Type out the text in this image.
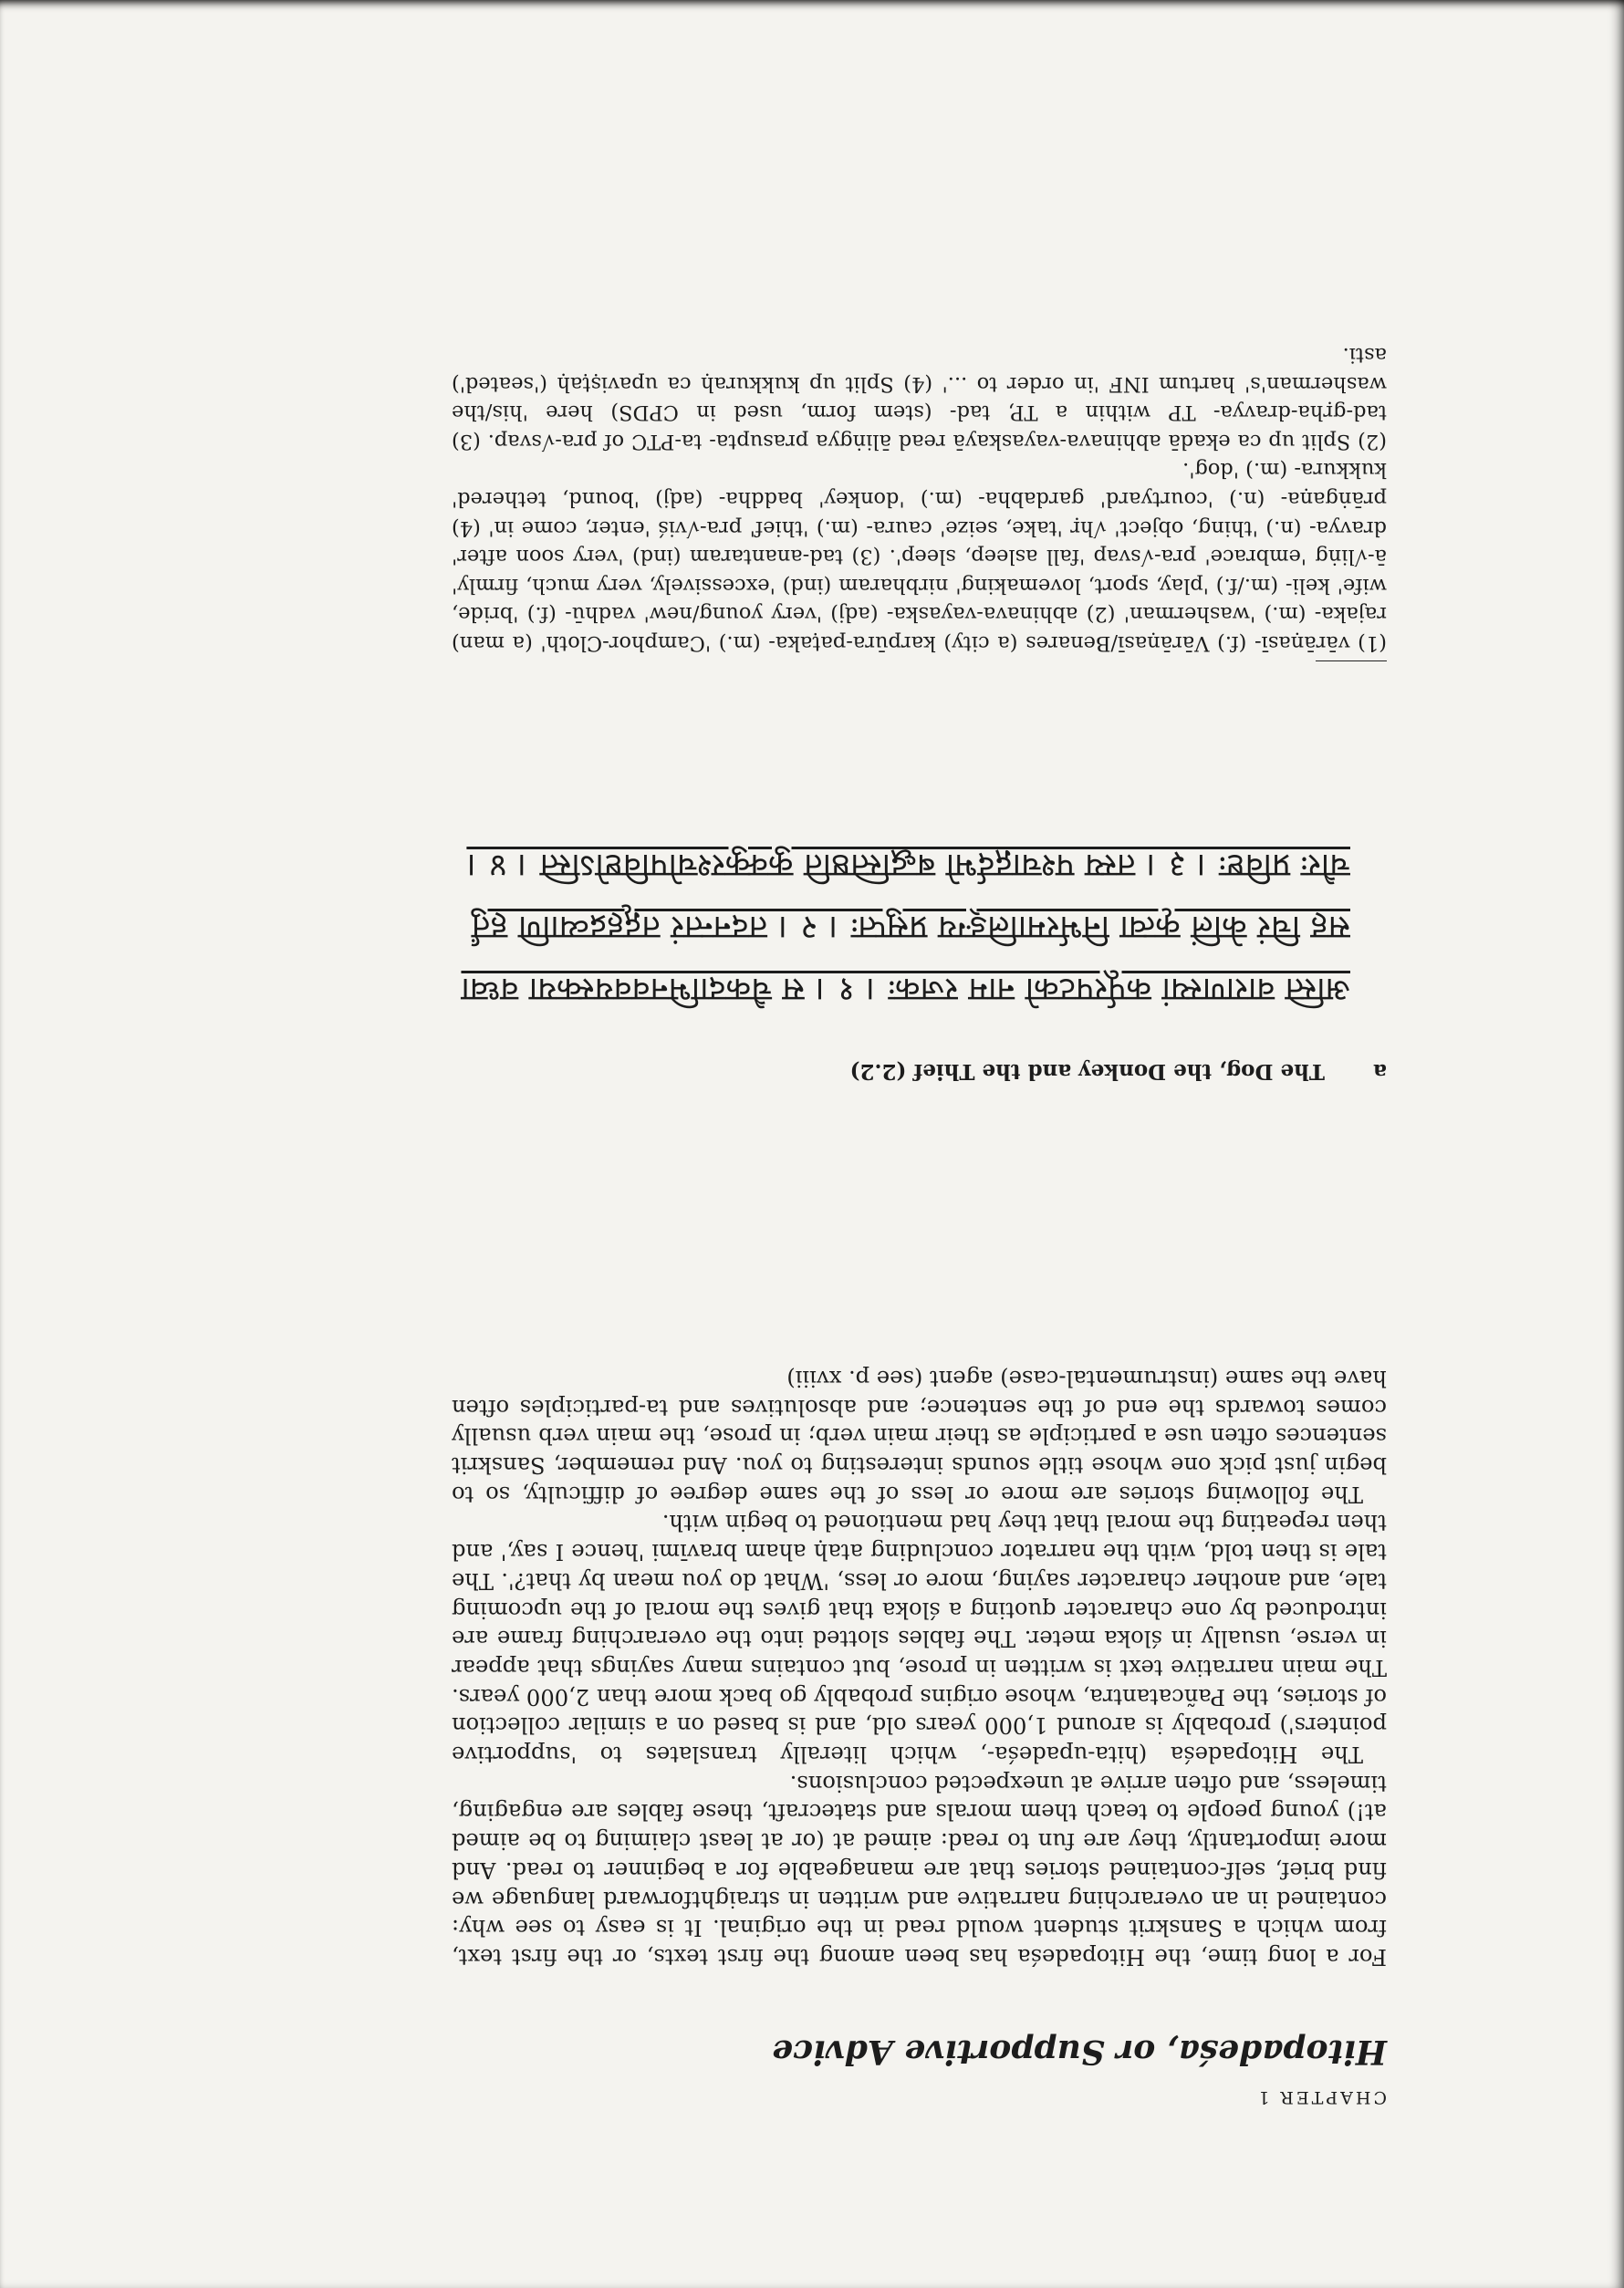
CHAPTER 1
Hitopadeśa, or Supportive Advice

For a long time, the Hitopadeśa has been among the first texts, or the first text, from which a Sanskrit student would read in the original. It is easy to see why: contained in an overarching narrative and written in straightforward language we find brief, self-contained stories that are manageable for a beginner to read. And more importantly, they are fun to read: aimed at (or at least claiming to be aimed at!) young people to teach them morals and statecraft, these fables are engaging, timeless, and often arrive at unexpected conclusions.

The Hitopadeśa (hita-upadeśa-, which literally translates to 'supportive pointers') probably is around 1,000 years old, and is based on a similar collection of stories, the Pañcatantra, whose origins probably go back more than 2,000 years. The main narrative text is written in prose, but contains many sayings that appear in verse, usually in śloka meter. The fables slotted into the overarching frame are introduced by one character quoting a śloka that gives the moral of the upcoming tale, and another character saying, more or less, 'What do you mean by that?'. The tale is then told, with the narrator concluding ataḥ aham bravīmi 'hence I say,' and then repeating the moral that they had mentioned to begin with.

The following stories are more or less of the same degree of difficulty, so to begin just pick one whose title sounds interesting to you. And remember, Sanskrit sentences often use a participle as their main verb; in prose, the main verb usually comes towards the end of the sentence; and absolutives and ta-participles often have the same (instrumental-case) agent (see p. xviii)

a The Dog, the Donkey and the Thief (2.2)
अस्ति वाराणस्यां कर्पूरपटको नाम रजकः । १ । स चैकदाभिनववयस्कया वध्वा सह चिरं केलिं कृत्वा निर्भरमालिङ्ग्य प्रसुप्तः । २ । तदनन्तरं तद्गृहद्रव्याणि हर्तुं चौरः प्रविष्टः । ३ । तस्य पश्चाद्गर्दभो बद्धस्तिष्ठति कुक्कुरश्चोपविष्टोऽस्ति । ४ ।

(1) vārāṇasī- (f.) Vārāṇasī/Benares (a city) karpūra-paṭaka- (m.) 'Camphor-Cloth' (a man) rajaka- (m.) 'washerman' (2) abhinava-vayaska- (adj) 'very young/new' vadhū- (f.) 'bride, wife' keli- (m./f.) 'play, sport, lovemaking' nirbharam (ind) 'excessively, very much, firmly' ā-√liṅg 'embrace' pra-√svap 'fall asleep, sleep'. (3) tad-anantaram (ind) 'very soon after' dravya- (n.) 'thing, object' √hṛ 'take, seize' caura- (m.) 'thief' pra-√viś 'enter, come in' (4) prāṅgaṇa- (n.) 'courtyard' gardabha- (m.) 'donkey' baddha- (adj) 'bound, tethered' kukkura- (m.) 'dog'.

(2) Split up ca ekadā abhinava-vayaskayā read āliṅgya prasupta- ta-PTC of pra-√svap. (3) tad-gṛha-dravya- TP within a TP, tad- (stem form, used in CPDS) here 'his/the washerman's' hartum INF 'in order to ...' (4) Split up kukkuraḥ ca upaviṣṭaḥ ('seated') asti.
